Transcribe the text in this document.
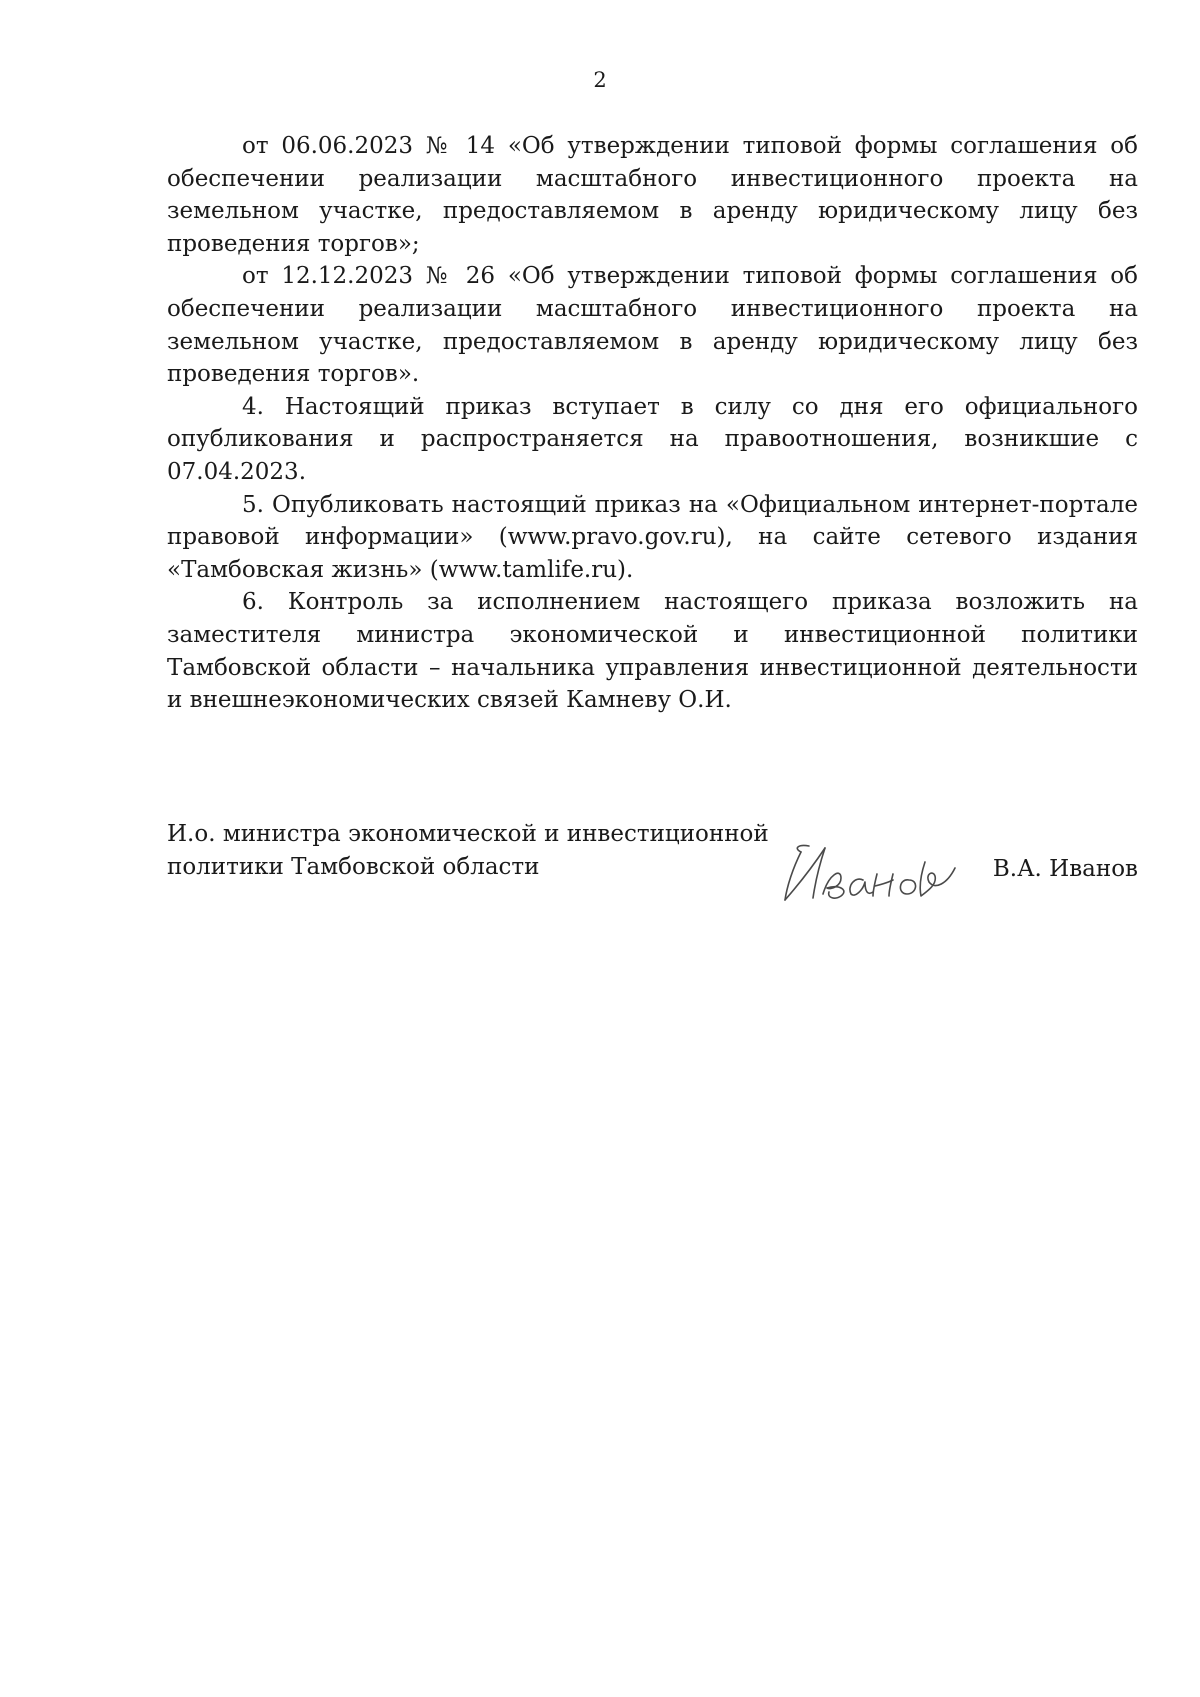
2

от 06.06.2023 № 14 «Об утверждении типовой формы соглашения об обеспечении реализации масштабного инвестиционного проекта на земельном участке, предоставляемом в аренду юридическому лицу без проведения торгов»;

от 12.12.2023 № 26 «Об утверждении типовой формы соглашения об обеспечении реализации масштабного инвестиционного проекта на земельном участке, предоставляемом в аренду юридическому лицу без проведения торгов».

4. Настоящий приказ вступает в силу со дня его официального опубликования и распространяется на правоотношения, возникшие с 07.04.2023.

5. Опубликовать настоящий приказ на «Официальном интернет-портале правовой информации» (www.pravo.gov.ru), на сайте сетевого издания «Тамбовская жизнь» (www.tamlife.ru).

6. Контроль за исполнением настоящего приказа возложить на заместителя министра экономической и инвестиционной политики Тамбовской области – начальника управления инвестиционной деятельности и внешнеэкономических связей Камневу О.И.

И.о. министра экономической и инвестиционной
политики Тамбовской области	В.А. Иванов
